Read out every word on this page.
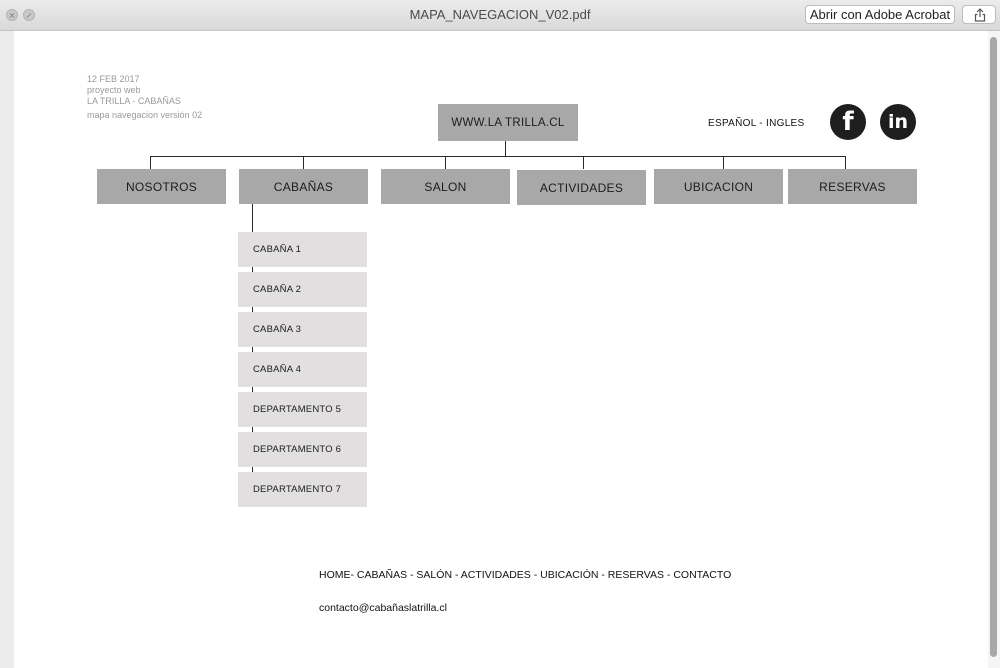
MAPA_NAVEGACION_V02.pdf	Abrir con Adobe Acrobat
12 FEB 2017
proyecto web
LA TRILLA - CABAÑAS
mapa navegacion versión 02
WWW.LA TRILLA.CL	ESPAÑOL - INGLES	f	in
NOSOTROS	CABAÑAS	SALON	ACTIVIDADES	UBICACION	RESERVAS
CABAÑA 1
CABAÑA 2
CABAÑA 3
CABAÑA 4
DEPARTAMENTO 5
DEPARTAMENTO 6
DEPARTAMENTO 7
HOME- CABAÑAS - SALÓN - ACTIVIDADES - UBICACIÓN - RESERVAS - CONTACTO
contacto@cabañaslatrilla.cl
